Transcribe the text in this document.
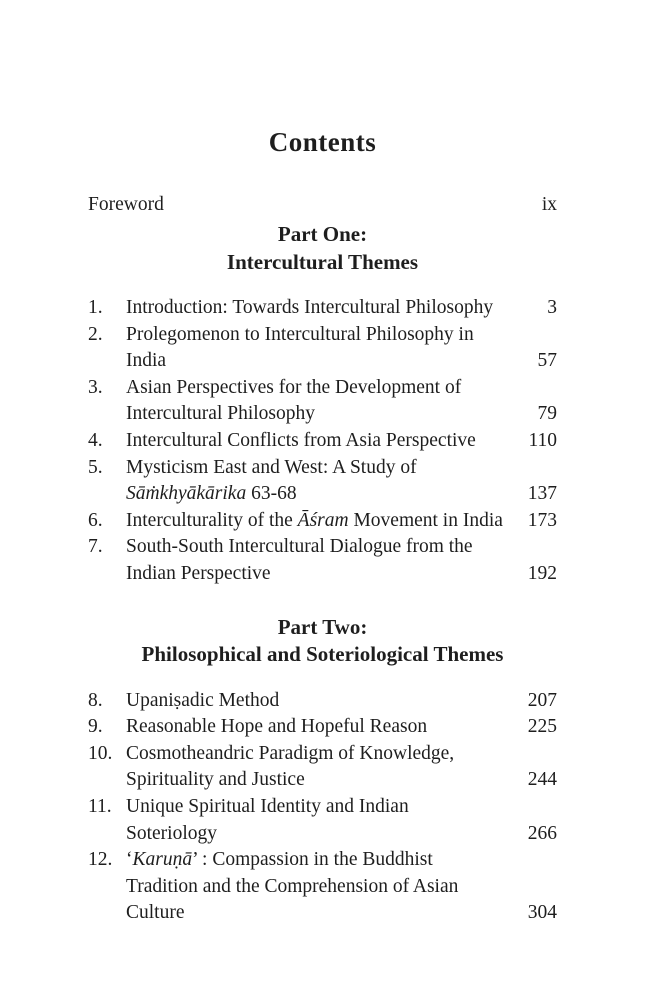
Contents
Foreword	ix
Part One:
Intercultural Themes
1.	Introduction: Towards Intercultural Philosophy	3
2.	Prolegomenon to Intercultural Philosophy in
India	57
3.	Asian Perspectives for the Development of
Intercultural Philosophy	79
4.	Intercultural Conflicts from Asia Perspective	110
5.	Mysticism East and West: A Study of
Sāṁkhyākārika 63-68	137
6.	Interculturality of the Āśram Movement in India 173
7.	South-South Intercultural Dialogue from the
Indian Perspective	192
Part Two:
Philosophical and Soteriological Themes
8.	Upaniṣadic Method	207
9.	Reasonable Hope and Hopeful Reason	225
10. Cosmotheandric Paradigm of Knowledge,
Spirituality and Justice	244
11. Unique Spiritual Identity and Indian
Soteriology	266
12. ‘Karuṇā’ : Compassion in the Buddhist
Tradition and the Comprehension of Asian
Culture	304
